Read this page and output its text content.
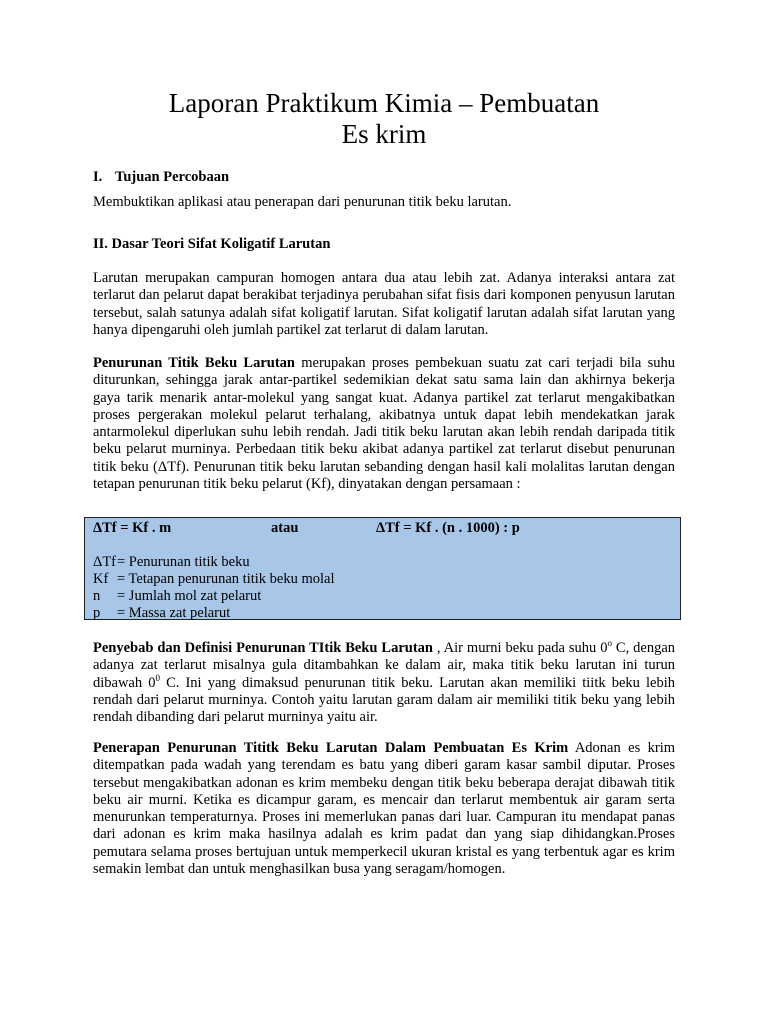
Laporan Praktikum Kimia – Pembuatan
Es krim
I. Tujuan Percobaan
Membuktikan aplikasi atau penerapan dari penurunan titik beku larutan.
II. Dasar Teori Sifat Koligatif Larutan
Larutan merupakan campuran homogen antara dua atau lebih zat. Adanya interaksi antara zat terlarut dan pelarut dapat berakibat terjadinya perubahan sifat fisis dari komponen penyusun larutan tersebut, salah satunya adalah sifat koligatif larutan. Sifat koligatif larutan adalah sifat larutan yang hanya dipengaruhi oleh jumlah partikel zat terlarut di dalam larutan.
Penurunan Titik Beku Larutan merupakan proses pembekuan suatu zat cari terjadi bila suhu diturunkan, sehingga jarak antar-partikel sedemikian dekat satu sama lain dan akhirnya bekerja gaya tarik menarik antar-molekul yang sangat kuat. Adanya partikel zat terlarut mengakibatkan proses pergerakan molekul pelarut terhalang, akibatnya untuk dapat lebih mendekatkan jarak antarmolekul diperlukan suhu lebih rendah. Jadi titik beku larutan akan lebih rendah daripada titik beku pelarut murninya. Perbedaan titik beku akibat adanya partikel zat terlarut disebut penurunan titik beku (ΔTf). Penurunan titik beku larutan sebanding dengan hasil kali molalitas larutan dengan tetapan penurunan titik beku pelarut (Kf), dinyatakan dengan persamaan :
ΔTf = Kf . m	atau	ΔTf = Kf . (n . 1000) : p
ΔTf = Penurunan titik beku
Kf = Tetapan penurunan titik beku molal
n	= Jumlah mol zat pelarut
p	= Massa zat pelarut
Penyebab dan Definisi Penurunan TItik Beku Larutan , Air murni beku pada suhu 0$^o$ C, dengan adanya zat terlarut misalnya gula ditambahkan ke dalam air, maka titik beku larutan ini turun dibawah $0^0$ C. Ini yang dimaksud penurunan titik beku. Larutan akan memiliki tiitk beku lebih rendah dari pelarut murninya. Contoh yaitu larutan garam dalam air memiliki titik beku yang lebih rendah dibanding dari pelarut murninya yaitu air.
Penerapan Penurunan Tititk Beku Larutan Dalam Pembuatan Es Krim Adonan es krim ditempatkan pada wadah yang terendam es batu yang diberi garam kasar sambil diputar. Proses tersebut mengakibatkan adonan es krim membeku dengan titik beku beberapa derajat dibawah titik beku air murni. Ketika es dicampur garam, es mencair dan terlarut membentuk air garam serta menurunkan temperaturnya. Proses ini memerlukan panas dari luar. Campuran itu mendapat panas dari adonan es krim maka hasilnya adalah es krim padat dan yang siap dihidangkan.Proses pemutara selama proses bertujuan untuk memperkecil ukuran kristal es yang terbentuk agar es krim semakin lembat dan untuk menghasilkan busa yang seragam/homogen.
